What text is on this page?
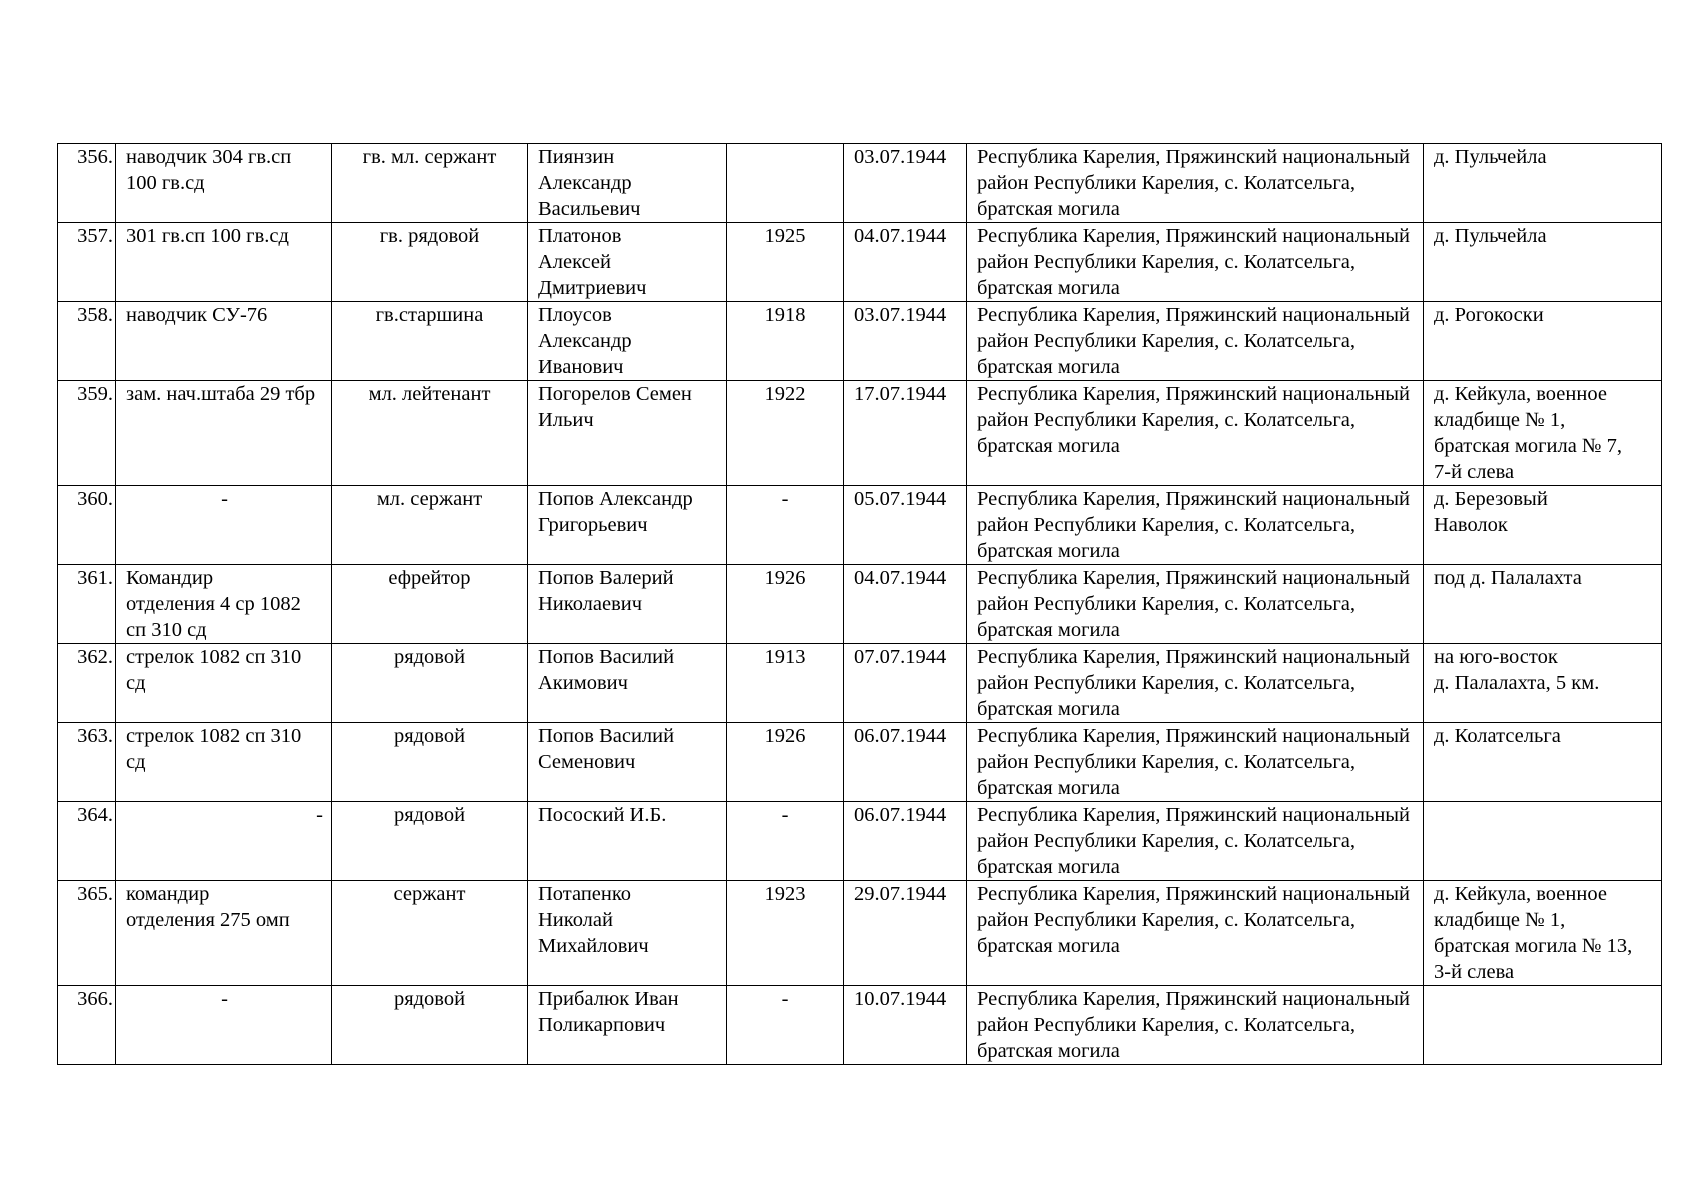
356.	наводчик 304 гв.сп 100 гв.сд	гв. мл. сержант	Пиянзин
Александр
Васильевич		03.07.1944	Республика Карелия, Пряжинский национальный район Республики Карелия, с. Колатсельга, братская могила	д. Пульчейла
357.	301 гв.сп 100 гв.сд	гв. рядовой	Платонов
Алексей
Дмитриевич	1925	04.07.1944	Республика Карелия, Пряжинский национальный район Республики Карелия, с. Колатсельга, братская могила	д. Пульчейла
358.	наводчик СУ-76	гв.старшина	Плоусов
Александр
Иванович	1918	03.07.1944	Республика Карелия, Пряжинский национальный район Республики Карелия, с. Колатсельга, братская могила	д. Рогокоски
359.	зам. нач.штаба 29 тбр	мл. лейтенант	Погорелов Семен
Ильич	1922	17.07.1944	Республика Карелия, Пряжинский национальный район Республики Карелия, с. Колатсельга, братская могила	д. Кейкула, военное
кладбище № 1,
братская могила № 7,
7-й слева
360.	-	мл. сержант	Попов Александр
Григорьевич	-	05.07.1944	Республика Карелия, Пряжинский национальный район Республики Карелия, с. Колатсельга, братская могила	д. Березовый
Наволок
361.	Командир
отделения 4 ср 1082
сп 310 сд	ефрейтор	Попов Валерий
Николаевич	1926	04.07.1944	Республика Карелия, Пряжинский национальный район Республики Карелия, с. Колатсельга, братская могила	под д. Палалахта
362.	стрелок 1082 сп 310
сд	рядовой	Попов Василий
Акимович	1913	07.07.1944	Республика Карелия, Пряжинский национальный район Республики Карелия, с. Колатсельга, братская могила	на юго-восток
д. Палалахта, 5 км.
363.	стрелок 1082 сп 310
сд	рядовой	Попов Василий
Семенович	1926	06.07.1944	Республика Карелия, Пряжинский национальный район Республики Карелия, с. Колатсельга, братская могила	д. Колатсельга
364.	-	рядовой	Посоский И.Б.	-	06.07.1944	Республика Карелия, Пряжинский национальный район Республики Карелия, с. Колатсельга, братская могила	
365.	командир
отделения 275 омп	сержант	Потапенко
Николай
Михайлович	1923	29.07.1944	Республика Карелия, Пряжинский национальный район Республики Карелия, с. Колатсельга, братская могила	д. Кейкула, военное
кладбище № 1,
братская могила № 13,
3-й слева
366.	-	рядовой	Прибалюк Иван
Поликарпович	-	10.07.1944	Республика Карелия, Пряжинский национальный район Республики Карелия, с. Колатсельга, братская могила	
